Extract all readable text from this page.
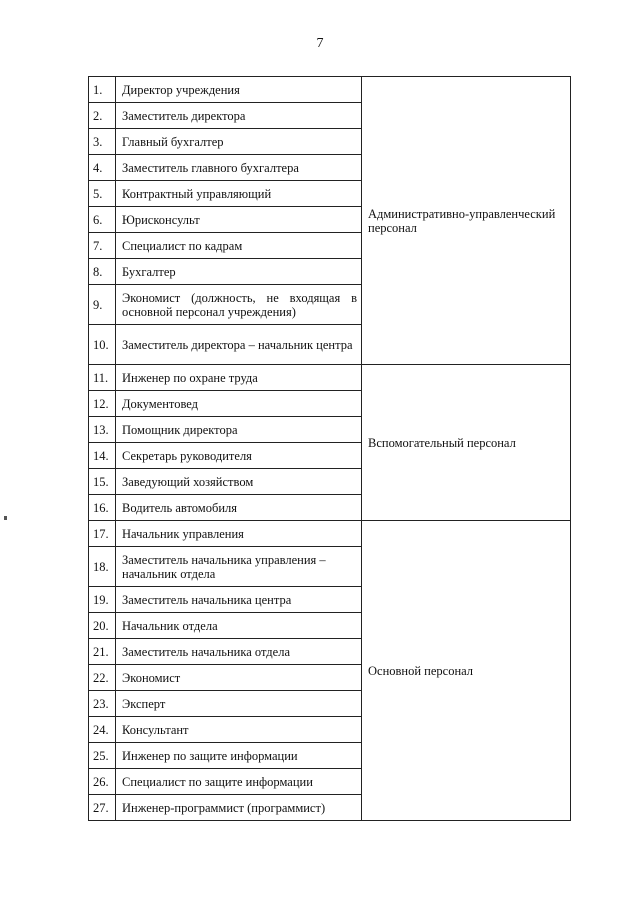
7
1.	Директор учреждения	Административно-управленческий персонал
2.	Заместитель директора	
3.	Главный бухгалтер	
4.	Заместитель главного бухгалтера	
5.	Контрактный управляющий	
6.	Юрисконсульт	
7.	Специалист по кадрам	
8.	Бухгалтер	
9.	Экономист (должность, не входящая в основной персонал учреждения)	
10.	Заместитель директора – начальник центра	
11.	Инженер по охране труда	Вспомогательный персонал
12.	Документовед	
13.	Помощник директора	
14.	Секретарь руководителя	
15.	Заведующий хозяйством	
16.	Водитель автомобиля	
17.	Начальник управления	Основной персонал
18.	Заместитель начальника управления – начальник отдела	
19.	Заместитель начальника центра	
20.	Начальник отдела	
21.	Заместитель начальника отдела	
22.	Экономист	
23.	Эксперт	
24.	Консультант	
25.	Инженер по защите информации	
26.	Специалист по защите информации	
27.	Инженер-программист (программист)	
